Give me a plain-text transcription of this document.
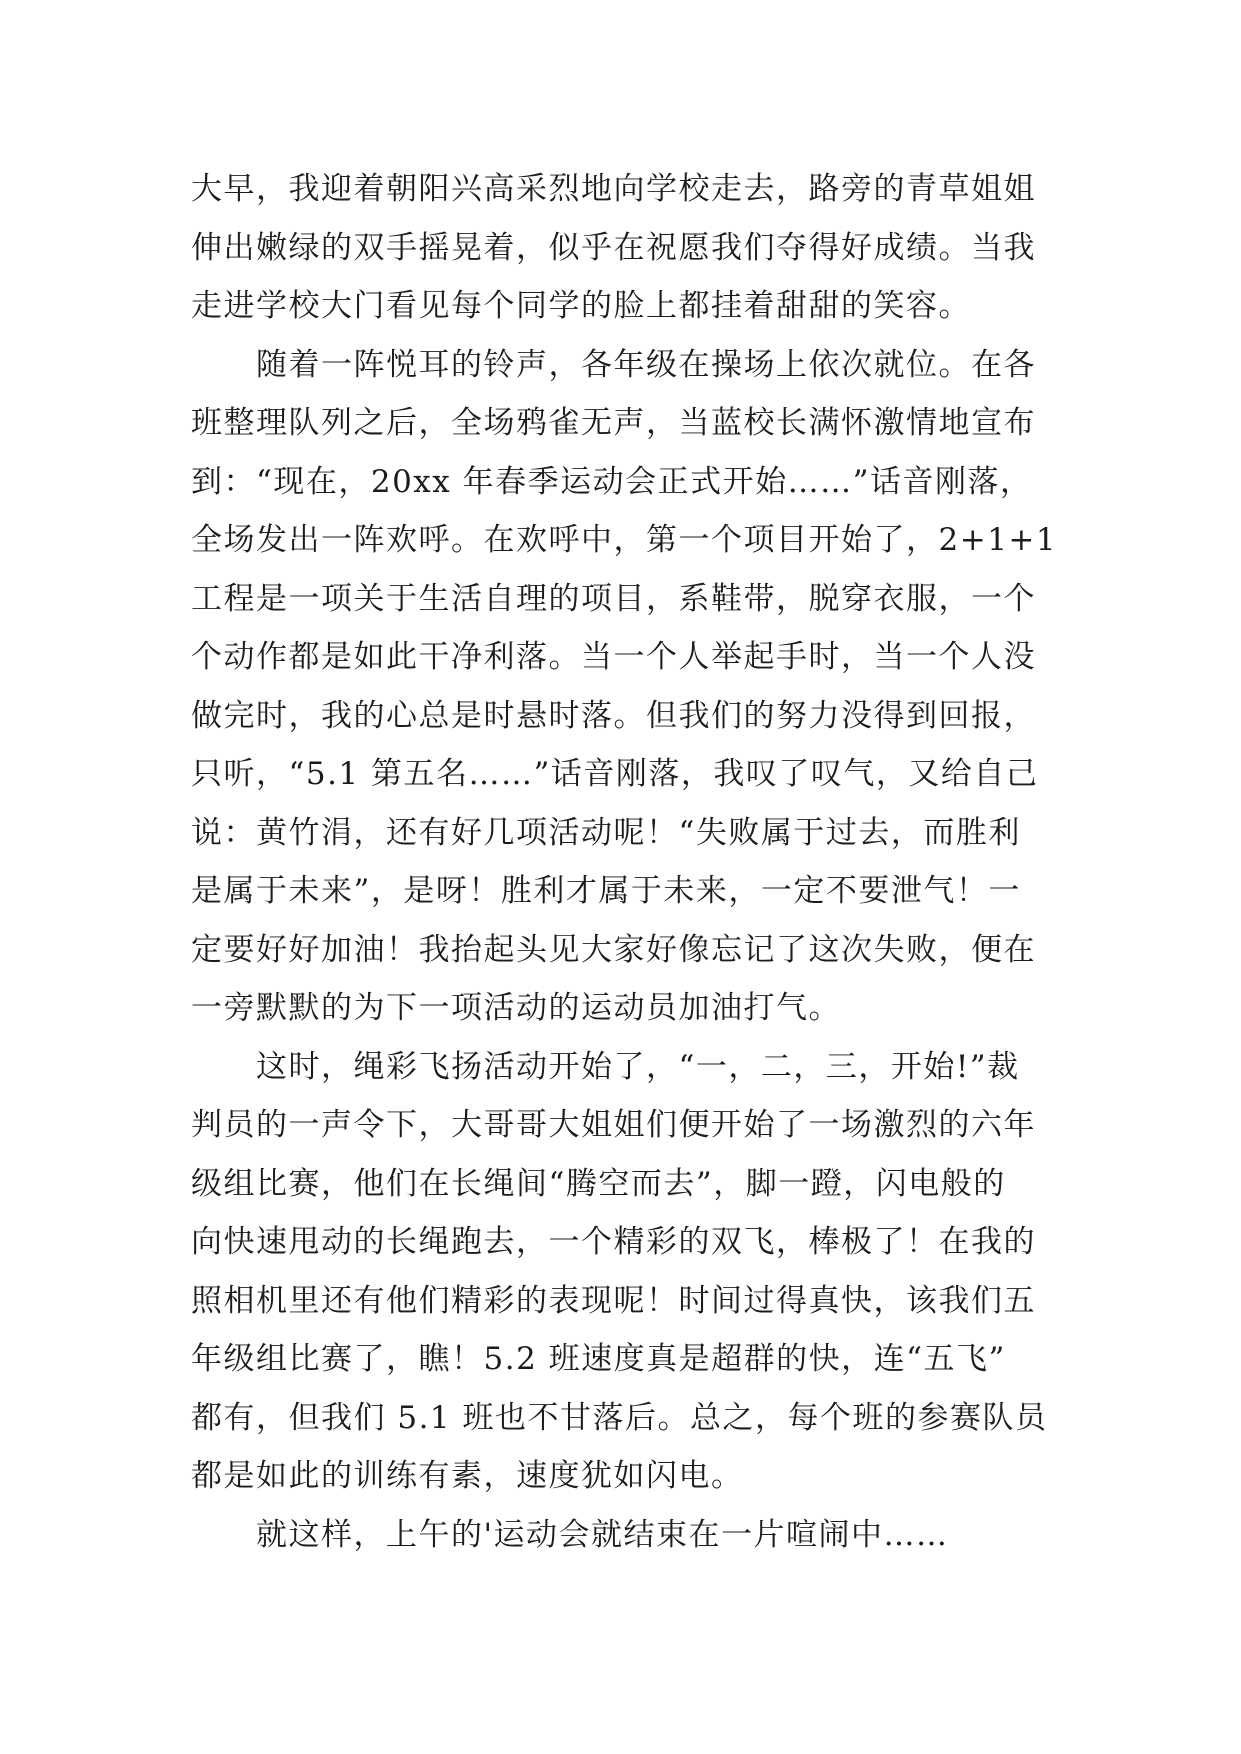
大早，我迎着朝阳兴高采烈地向学校走去，路旁的青草姐姐
伸出嫩绿的双手摇晃着，似乎在祝愿我们夺得好成绩。当我
走进学校大门看见每个同学的脸上都挂着甜甜的笑容。
　　随着一阵悦耳的铃声，各年级在操场上依次就位。在各
班整理队列之后，全场鸦雀无声，当蓝校长满怀激情地宣布
到：“现在，20xx 年春季运动会正式开始……”话音刚落，
全场发出一阵欢呼。在欢呼中，第一个项目开始了，2+1+1
工程是一项关于生活自理的项目，系鞋带，脱穿衣服，一个
个动作都是如此干净利落。当一个人举起手时，当一个人没
做完时，我的心总是时悬时落。但我们的努力没得到回报，
只听，“5.1 第五名……”话音刚落，我叹了叹气，又给自己
说：黄竹涓，还有好几项活动呢！“失败属于过去，而胜利
是属于未来”，是呀！胜利才属于未来，一定不要泄气！一
定要好好加油！我抬起头见大家好像忘记了这次失败，便在
一旁默默的为下一项活动的运动员加油打气。
　　这时，绳彩飞扬活动开始了，“一，二，三，开始!”裁
判员的一声令下，大哥哥大姐姐们便开始了一场激烈的六年
级组比赛，他们在长绳间“腾空而去”，脚一蹬，闪电般的
向快速甩动的长绳跑去，一个精彩的双飞，棒极了！在我的
照相机里还有他们精彩的表现呢！时间过得真快，该我们五
年级组比赛了，瞧！5.2 班速度真是超群的快，连“五飞”
都有，但我们 5.1 班也不甘落后。总之，每个班的参赛队员
都是如此的训练有素，速度犹如闪电。
　　就这样，上午的'运动会就结束在一片喧闹中……
